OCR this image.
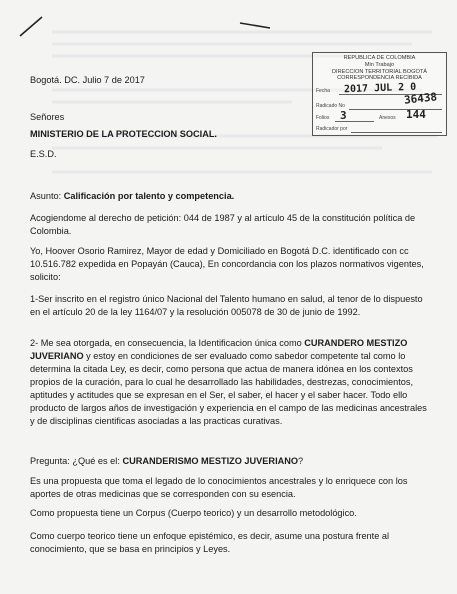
REPUBLICA DE COLOMBIA
Min Trabajo
DIRECCION TERRITORIAL BOGOTÁ
CORRESPONDENCIA RECIBIDA
Fecha
Radicado No
Folios	Anexos
Radicador por
2017 JUL 2 0
36438
3	144
Bogotá. DC. Julio 7 de 2017
Señores
MINISTERIO DE LA PROTECCION SOCIAL.
E.S.D.
Asunto: Calificación por talento y competencia.
Acogiendome al derecho de petición: 044 de 1987 y al artículo 45 de la constitución política de Colombia.
Yo, Hoover Osorio Ramirez, Mayor de edad y Domiciliado en Bogotá D.C. identificado con cc 10.516.782 expedida en Popayán (Cauca), En concordancia con los plazos normativos vigentes, solicito:
1-Ser inscrito en el registro único Nacional del Talento humano en salud, al tenor de lo dispuesto en el artículo 20 de la ley 1164/07 y la resolución 005078 de 30 de junio de 1992.
2- Me sea otorgada, en consecuencia, la Identificacion única como CURANDERO MESTIZO JUVERIANO y estoy en condiciones de ser evaluado como sabedor competente tal como lo determina la citada Ley, es decir, como persona que actua de manera idónea en los contextos propios de la curación, para lo cual he desarrollado las habilidades, destrezas, conocimientos, aptitudes y actitudes que se expresan en el Ser, el saber, el hacer y el saber hacer. Todo ello producto de largos años de investigación y experiencia en el campo de las medicinas ancestrales y de disciplinas cientificas asociadas a las practicas curativas.
Pregunta: ¿Qué es el: CURANDERISMO MESTIZO JUVERIANO?
Es una propuesta que toma el legado de lo conocimientos ancestrales y lo enriquece con los aportes de otras medicinas que se corresponden con su esencia.
Como propuesta tiene un Corpus (Cuerpo teorico) y un desarrollo metodológico.
Como cuerpo teorico tiene un enfoque epistémico, es decir, asume una postura frente al conocimiento, que se basa en principios y Leyes.
